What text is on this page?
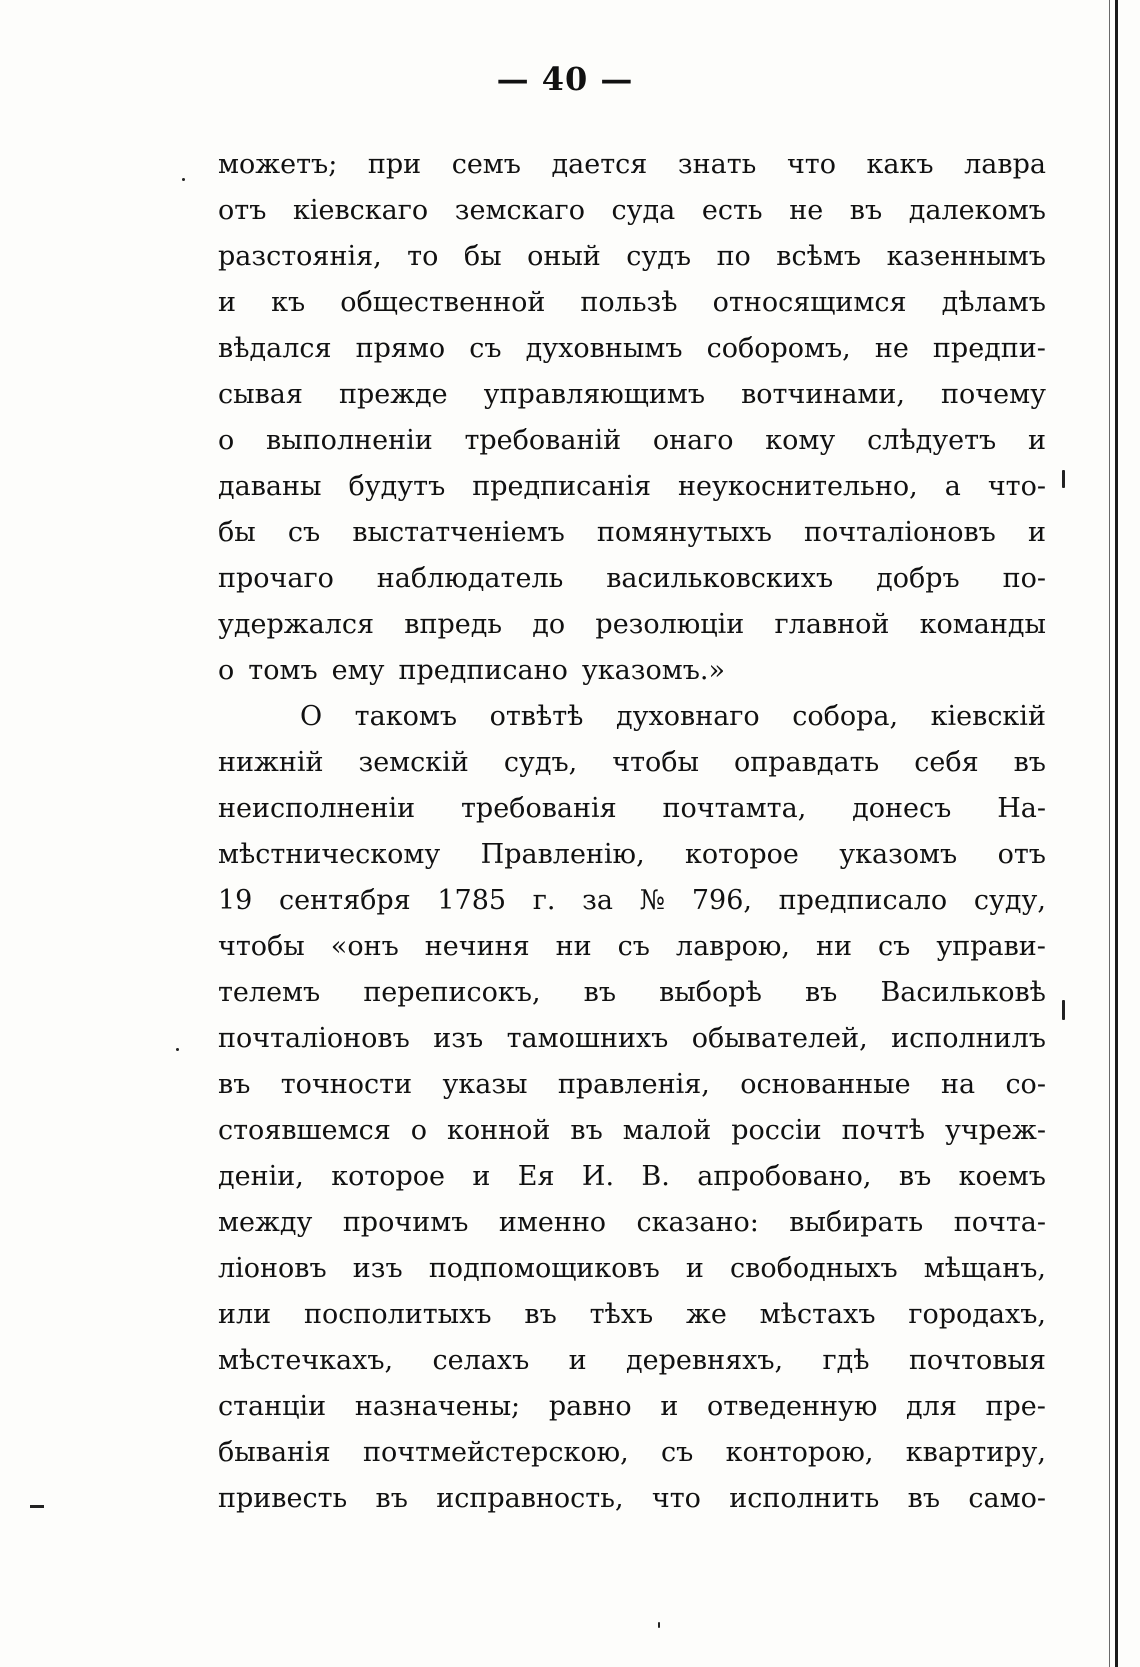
— 40 —
можетъ; при семъ дается знать что какъ лавра
отъ кіевскаго земскаго суда есть не въ далекомъ
разстоянія, то бы оный судъ по всѣмъ казеннымъ
и къ общественной пользѣ относящимся дѣламъ
вѣдался прямо съ духовнымъ соборомъ, не предпи-
сывая прежде управляющимъ вотчинами, почему
о выполненіи требованій онаго кому слѣдуетъ и
даваны будутъ предписанія неукоснительно, а что-
бы съ выстатченіемъ помянутыхъ почталіоновъ и
прочаго наблюдатель васильковскихъ добръ по-
удержался впредь до резолюціи главной команды
о томъ ему предписано указомъ.»
О такомъ отвѣтѣ духовнаго собора, кіевскій
нижній земскій судъ, чтобы оправдать себя въ
неисполненіи требованія почтамта, донесъ На-
мѣстническому Правленію, которое указомъ отъ
19 сентября 1785 г. за № 796, предписало суду,
чтобы «онъ нечиня ни съ лаврою, ни съ управи-
телемъ переписокъ, въ выборѣ въ Васильковѣ
почталіоновъ изъ тамошнихъ обывателей, исполнилъ
въ точности указы правленія, основанные на со-
стоявшемся о конной въ малой россіи почтѣ учреж-
деніи, которое и Ея И. В. апробовано, въ коемъ
между прочимъ именно сказано: выбирать почта-
ліоновъ изъ подпомощиковъ и свободныхъ мѣщанъ,
или посполитыхъ въ тѣхъ же мѣстахъ городахъ,
мѣстечкахъ, селахъ и деревняхъ, гдѣ почтовыя
станціи назначены; равно и отведенную для пре-
быванія почтмейстерскою, съ конторою, квартиру,
привесть въ исправность, что исполнить въ само-
